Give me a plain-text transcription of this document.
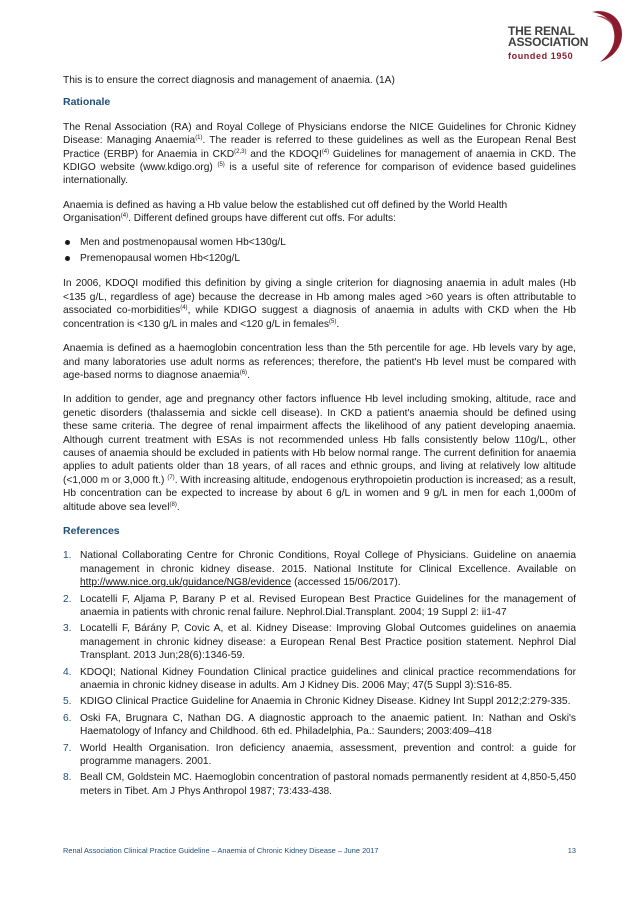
THE RENAL
ASSOCIATION
founded 1950

This is to ensure the correct diagnosis and management of anaemia. (1A)

Rationale

The Renal Association (RA) and Royal College of Physicians endorse the NICE Guidelines for Chronic Kidney Disease: Managing Anaemia$^{(1)}$. The reader is referred to these guidelines as well as the European Renal Best Practice (ERBP) for Anaemia in CKD$^{(2,3)}$ and the KDOQI$^{(4)}$ Guidelines for management of anaemia in CKD. The KDIGO website (www.kdigo.org) $^{(5)}$ is a useful site of reference for comparison of evidence based guidelines internationally.

Anaemia is defined as having a Hb value below the established cut off defined by the World Health Organisation$^{(4)}$. Different defined groups have different cut offs. For adults:

Men and postmenopausal women Hb<130g/L
Premenopausal women Hb<120g/L

In 2006, KDOQI modified this definition by giving a single criterion for diagnosing anaemia in adult males (Hb <135 g/L, regardless of age) because the decrease in Hb among males aged >60 years is often attributable to associated co-morbidities$^{(4)}$, while KDIGO suggest a diagnosis of anaemia in adults with CKD when the Hb concentration is <130 g/L in males and <120 g/L in females$^{(5)}$.

Anaemia is defined as a haemoglobin concentration less than the 5th percentile for age. Hb levels vary by age, and many laboratories use adult norms as references; therefore, the patient's Hb level must be compared with age-based norms to diagnose anaemia$^{(6)}$.

In addition to gender, age and pregnancy other factors influence Hb level including smoking, altitude, race and genetic disorders (thalassemia and sickle cell disease). In CKD a patient's anaemia should be defined using these same criteria. The degree of renal impairment affects the likelihood of any patient developing anaemia. Although current treatment with ESAs is not recommended unless Hb falls consistently below 110g/L, other causes of anaemia should be excluded in patients with Hb below normal range. The current definition for anaemia applies to adult patients older than 18 years, of all races and ethnic groups, and living at relatively low altitude (<1,000 m or 3,000 ft.) $^{(7)}$. With increasing altitude, endogenous erythropoietin production is increased; as a result, Hb concentration can be expected to increase by about 6 g/L in women and 9 g/L in men for each 1,000m of altitude above sea level$^{(8)}$.

References

1. National Collaborating Centre for Chronic Conditions, Royal College of Physicians. Guideline on anaemia management in chronic kidney disease. 2015. National Institute for Clinical Excellence. Available on http://www.nice.org.uk/guidance/NG8/evidence (accessed 15/06/2017).
2. Locatelli F, Aljama P, Barany P et al. Revised European Best Practice Guidelines for the management of anaemia in patients with chronic renal failure. Nephrol.Dial.Transplant. 2004; 19 Suppl 2: ii1-47
3. Locatelli F, Bárány P, Covic A, et al. Kidney Disease: Improving Global Outcomes guidelines on anaemia management in chronic kidney disease: a European Renal Best Practice position statement. Nephrol Dial Transplant. 2013 Jun;28(6):1346-59.
4. KDOQI; National Kidney Foundation Clinical practice guidelines and clinical practice recommendations for anaemia in chronic kidney disease in adults. Am J Kidney Dis. 2006 May; 47(5 Suppl 3):S16-85.
5. KDIGO Clinical Practice Guideline for Anaemia in Chronic Kidney Disease. Kidney Int Suppl 2012;2:279-335.
6. Oski FA, Brugnara C, Nathan DG. A diagnostic approach to the anaemic patient. In: Nathan and Oski's Haematology of Infancy and Childhood. 6th ed. Philadelphia, Pa.: Saunders; 2003:409–418
7. World Health Organisation. Iron deficiency anaemia, assessment, prevention and control: a guide for programme managers. 2001.
8. Beall CM, Goldstein MC. Haemoglobin concentration of pastoral nomads permanently resident at 4,850-5,450 meters in Tibet. Am J Phys Anthropol 1987; 73:433-438.
Renal Association Clinical Practice Guideline – Anaemia of Chronic Kidney Disease – June 2017	13
